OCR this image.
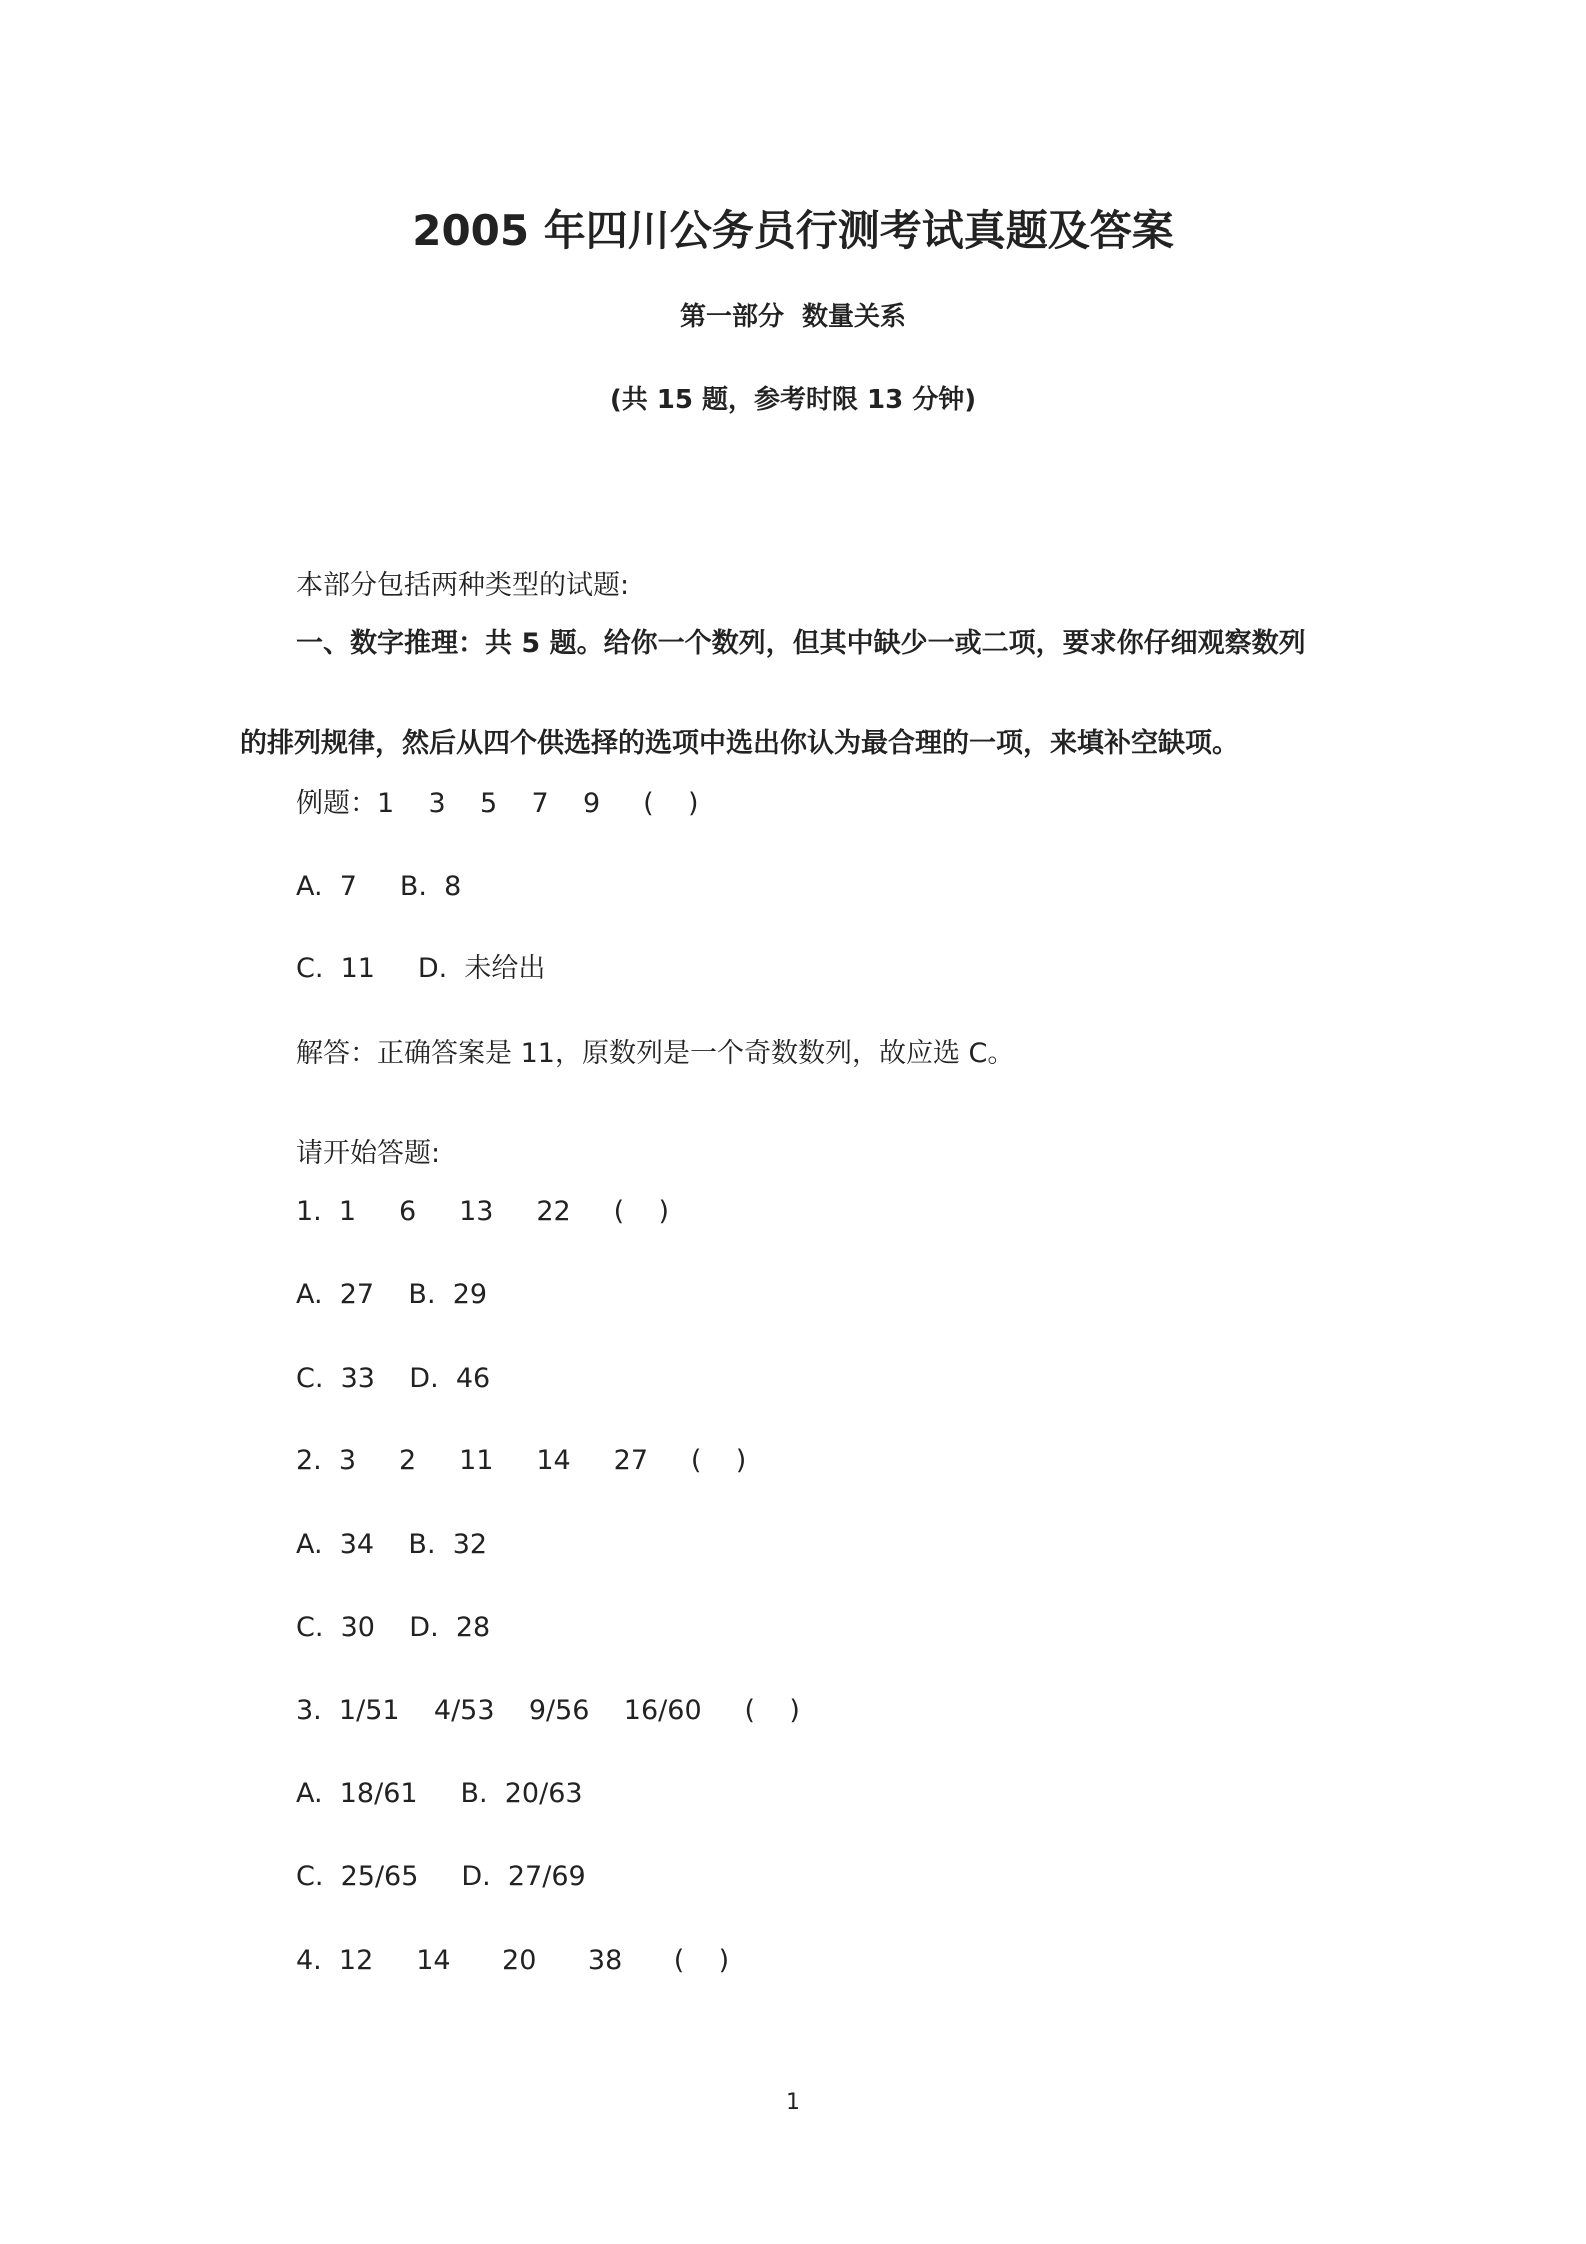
2005 年四川公务员行测考试真题及答案
第一部分  数量关系
(共 15 题，参考时限 13 分钟)
本部分包括两种类型的试题:
一、数字推理：共 5 题。给你一个数列，但其中缺少一或二项，要求你仔细观察数列
的排列规律，然后从四个供选择的选项中选出你认为最合理的一项，来填补空缺项。
例题：1    3    5    7    9     (    )
A.  7     B.  8
C.  11     D.  未给出
解答：正确答案是 11，原数列是一个奇数数列，故应选 C。
请开始答题:
1.  1     6     13     22     (    )
A.  27    B.  29
C.  33    D.  46
2.  3     2     11     14     27     (    )
A.  34    B.  32
C.  30    D.  28
3.  1/51    4/53    9/56    16/60     (    )
A.  18/61     B.  20/63
C.  25/65     D.  27/69
4.  12     14      20      38      (    )
1
